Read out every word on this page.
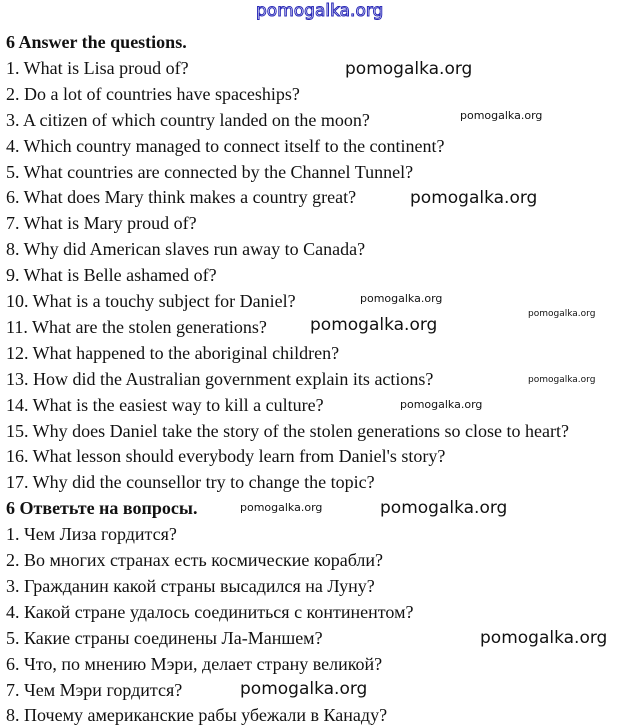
pomogalka.org
6 Answer the questions.
1. What is Lisa proud of?
2. Do a lot of countries have spaceships?
3. A citizen of which country landed on the moon?
4. Which country managed to connect itself to the continent?
5. What countries are connected by the Channel Tunnel?
6. What does Mary think makes a country great?
7. What is Mary proud of?
8. Why did American slaves run away to Canada?
9. What is Belle ashamed of?
10. What is a touchy subject for Daniel?
11. What are the stolen generations?
12. What happened to the aboriginal children?
13. How did the Australian government explain its actions?
14. What is the easiest way to kill a culture?
15. Why does Daniel take the story of the stolen generations so close to heart?
16. What lesson should everybody learn from Daniel's story?
17. Why did the counsellor try to change the topic?
6 Ответьте на вопросы.
1. Чем Лиза гордится?
2. Во многих странах есть космические корабли?
3. Гражданин какой страны высадился на Луну?
4. Какой стране удалось соединиться с континентом?
5. Какие страны соединены Ла-Маншем?
6. Что, по мнению Мэри, делает страну великой?
7. Чем Мэри гордится?
8. Почему американские рабы убежали в Канаду?
pomogalka.org
pomogalka.org
pomogalka.org
pomogalka.org
pomogalka.org
pomogalka.org
pomogalka.org
pomogalka.org
pomogalka.org	pomogalka.org
pomogalka.org
pomogalka.org
